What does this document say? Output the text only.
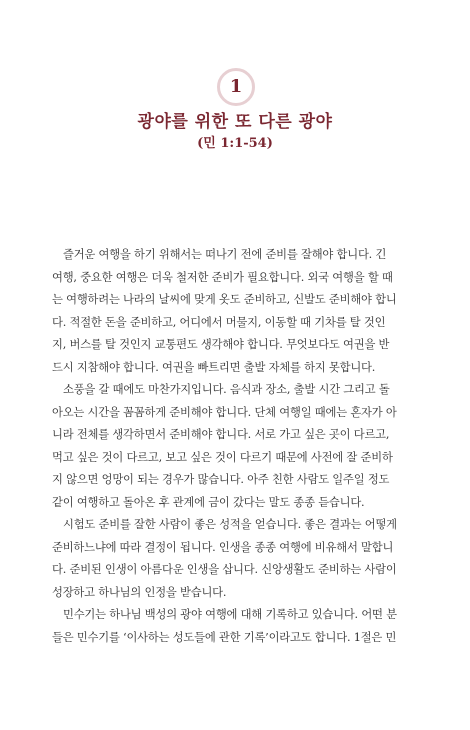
1
광야를 위한 또 다른 광야
(민 1:1-54)
즐거운 여행을 하기 위해서는 떠나기 전에 준비를 잘해야 합니다. 긴
여행, 중요한 여행은 더욱 철저한 준비가 필요합니다. 외국 여행을 할 때
는 여행하려는 나라의 날씨에 맞게 옷도 준비하고, 신발도 준비해야 합니
다. 적절한 돈을 준비하고, 어디에서 머물지, 이동할 때 기차를 탈 것인
지, 버스를 탈 것인지 교통편도 생각해야 합니다. 무엇보다도 여권을 반
드시 지참해야 합니다. 여권을 빠트리면 출발 자체를 하지 못합니다.
소풍을 갈 때에도 마찬가지입니다. 음식과 장소, 출발 시간 그리고 돌
아오는 시간을 꼼꼼하게 준비해야 합니다. 단체 여행일 때에는 혼자가 아
니라 전체를 생각하면서 준비해야 합니다. 서로 가고 싶은 곳이 다르고,
먹고 싶은 것이 다르고, 보고 싶은 것이 다르기 때문에 사전에 잘 준비하
지 않으면 엉망이 되는 경우가 많습니다. 아주 친한 사람도 일주일 정도
같이 여행하고 돌아온 후 관계에 금이 갔다는 말도 종종 듣습니다.
시험도 준비를 잘한 사람이 좋은 성적을 얻습니다. 좋은 결과는 어떻게
준비하느냐에 따라 결정이 됩니다. 인생을 종종 여행에 비유해서 말합니
다. 준비된 인생이 아름다운 인생을 삽니다. 신앙생활도 준비하는 사람이
성장하고 하나님의 인정을 받습니다.
민수기는 하나님 백성의 광야 여행에 대해 기록하고 있습니다. 어떤 분
들은 민수기를 ‘이사하는 성도들에 관한 기록’이라고도 합니다. 1절은 민
